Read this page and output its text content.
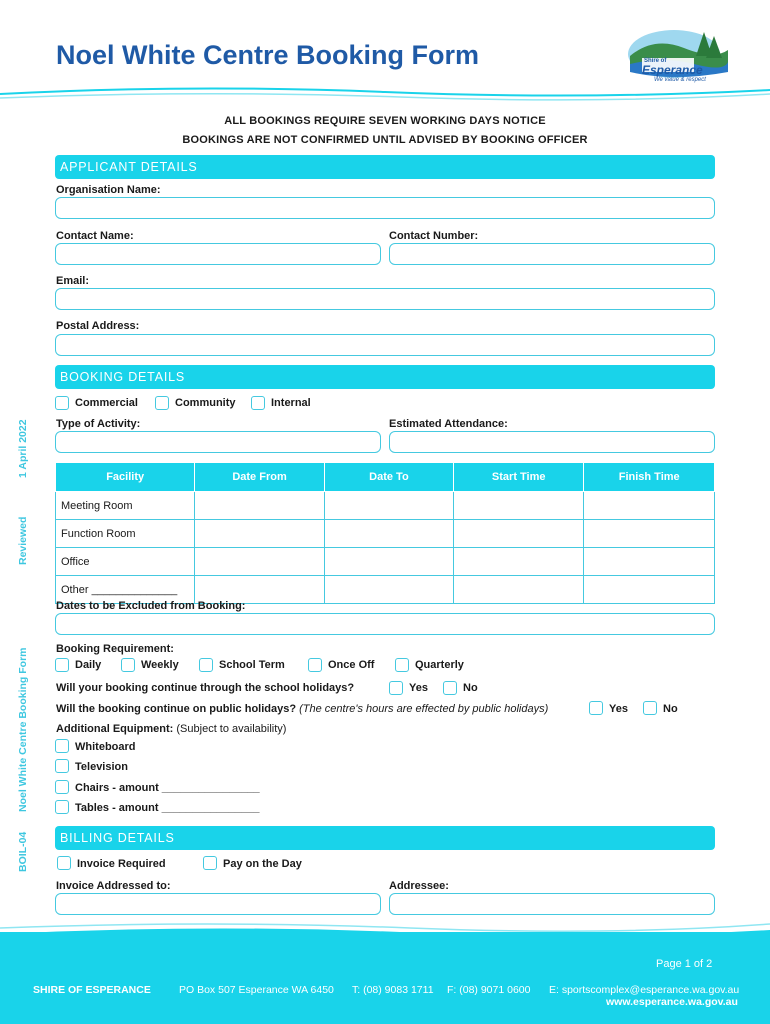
Noel White Centre Booking Form	Shire of
Esperance
We value & respect
ALL BOOKINGS REQUIRE SEVEN WORKING DAYS NOTICE
BOOKINGS ARE NOT CONFIRMED UNTIL ADVISED BY BOOKING OFFICER
1 April 2022
Reviewed
Noel White Centre Booking Form
BOIL-04
APPLICANT DETAILS
Organisation Name:
Contact Name:	Contact Number:
Email:
Postal Address:
BOOKING DETAILS
Commercial	Community	Internal
Type of Activity:	Estimated Attendance:
Facility	Date From	Date To	Start Time	Finish Time
Meeting Room				
Function Room				
Office				
Other ______________				
Dates to be Excluded from Booking:
Booking Requirement:
Daily	Weekly	School Term	Once Off	Quarterly
Will your booking continue through the school holidays?	Yes	No
Will the booking continue on public holidays? (The centre's hours are effected by public holidays)	Yes	No
Additional Equipment: (Subject to availability)
Whiteboard
Television
Chairs - amount ________________
Tables - amount ________________
BILLING DETAILS
Invoice Required	Pay on the Day
Invoice Addressed to:	Addressee:
Page 1 of 2
SHIRE OF ESPERANCE	PO Box 507 Esperance WA 6450 T: (08) 9083 1711 F: (08) 9071 0600 E: sportscomplex@esperance.wa.gov.au
www.esperance.wa.gov.au
